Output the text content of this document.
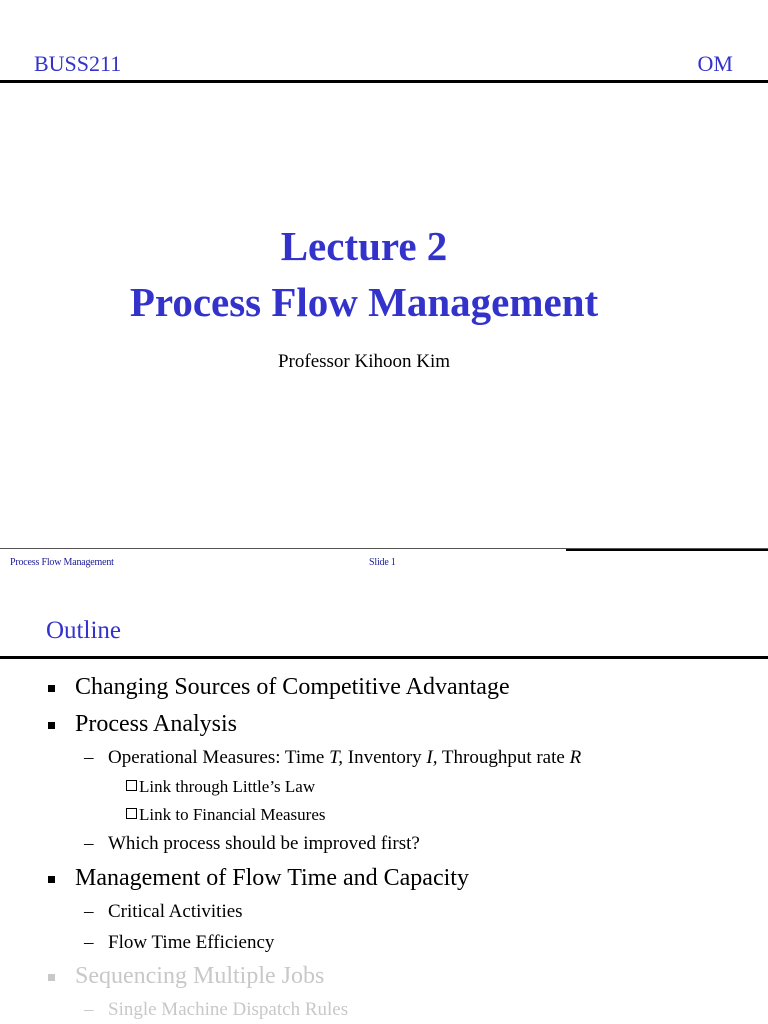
BUSS211	OM
Lecture 2
Process Flow Management
Professor Kihoon Kim
Process Flow Management	Slide 1
Outline
Changing Sources of Competitive Advantage
Process Analysis
– Operational Measures: Time T, Inventory I, Throughput rate R
Link through Little’s Law
Link to Financial Measures
– Which process should be improved first?
Management of Flow Time and Capacity
– Critical Activities
– Flow Time Efficiency
Sequencing Multiple Jobs
– Single Machine Dispatch Rules
